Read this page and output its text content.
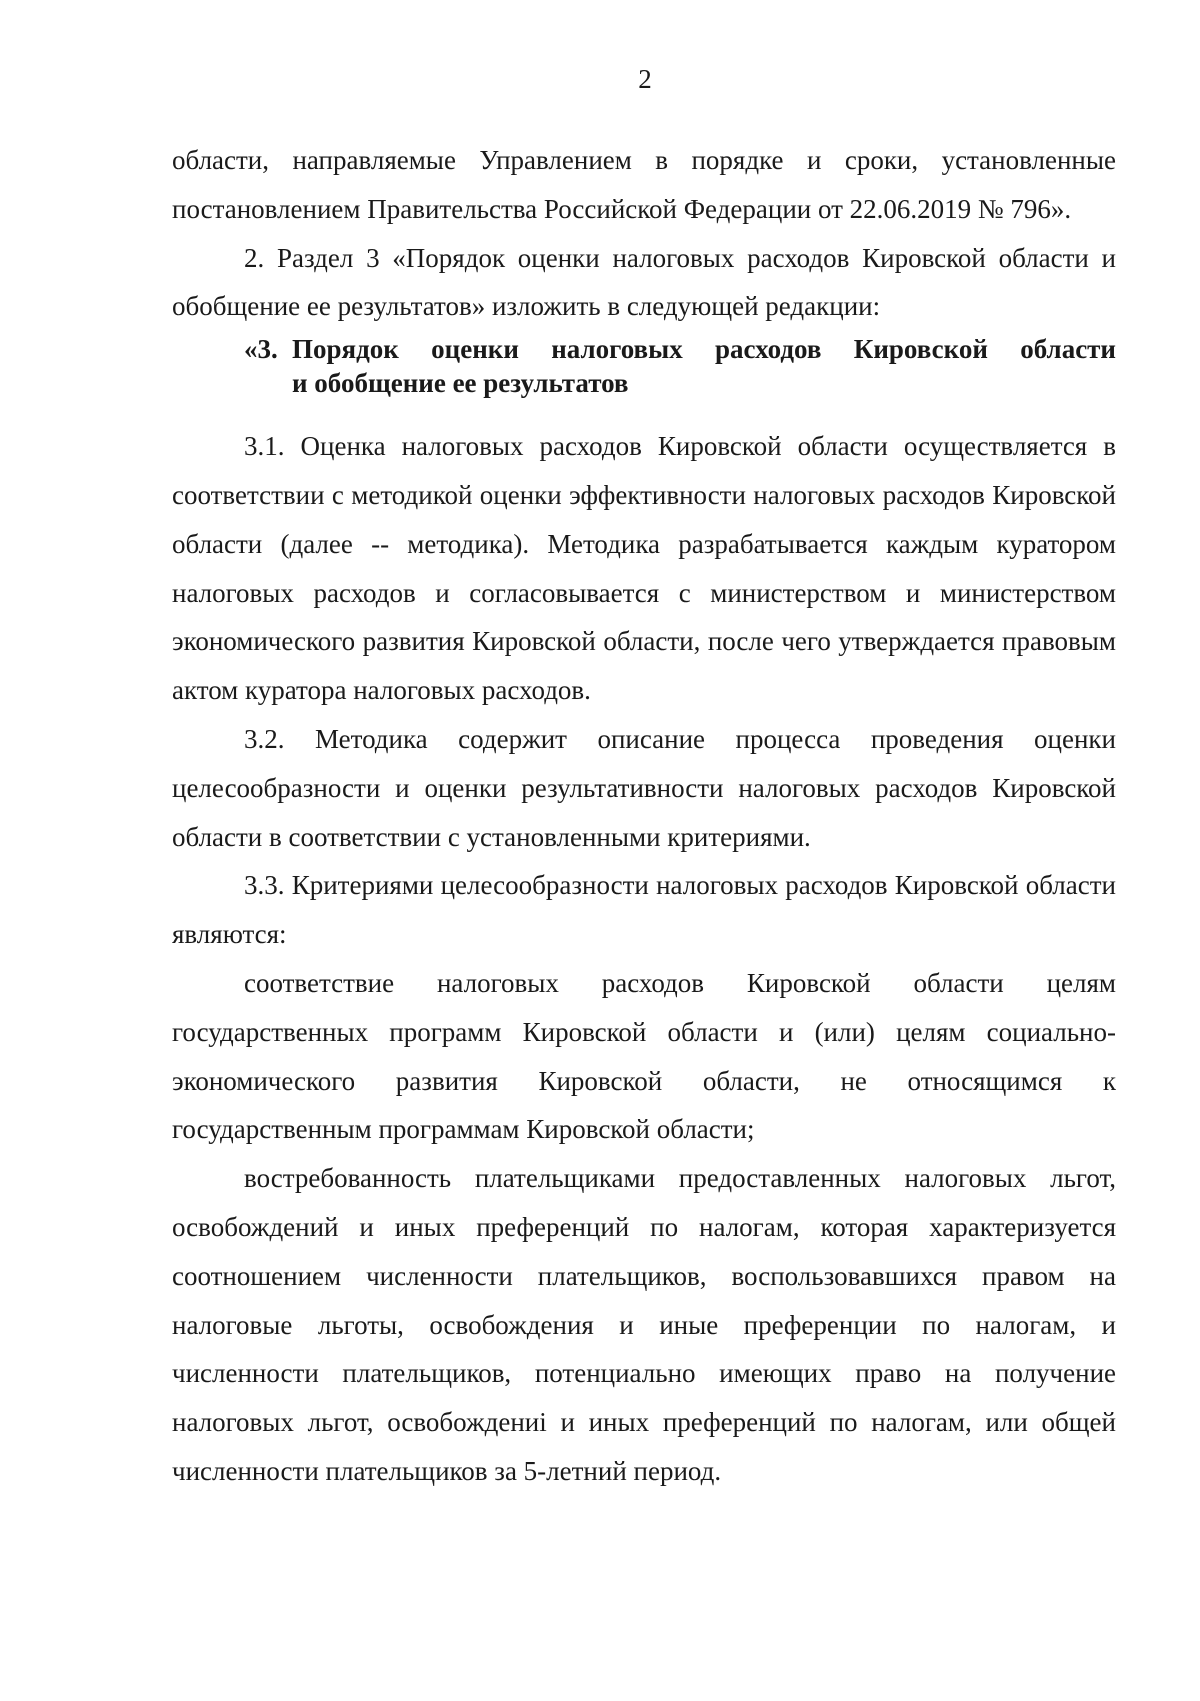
2

области, направляемые Управлением в порядке и сроки, установленные постановлением Правительства Российской Федерации от 22.06.2019 № 796».

2. Раздел 3 «Порядок оценки налоговых расходов Кировской области и обобщение ее результатов» изложить в следующей редакции:

«3. Порядок оценки налоговых расходов Кировской области
и обобщение ее результатов

3.1. Оценка налоговых расходов Кировской области осуществляется в соответствии с методикой оценки эффективности налоговых расходов Кировской области (далее -- методика). Методика разрабатывается каждым куратором налоговых расходов и согласовывается с министерством и министерством экономического развития Кировской области, после чего утверждается правовым актом куратора налоговых расходов.

3.2. Методика содержит описание процесса проведения оценки целесообразности и оценки результативности налоговых расходов Кировской области в соответствии с установленными критериями.

3.3. Критериями целесообразности налоговых расходов Кировской области являются:

соответствие налоговых расходов Кировской области целям государственных программ Кировской области и (или) целям социально-экономического развития Кировской области, не относящимся к государственным программам Кировской области;

востребованность плательщиками предоставленных налоговых льгот, освобождений и иных преференций по налогам, которая характеризуется соотношением численности плательщиков, воспользовавшихся правом на налоговые льготы, освобождения и иные преференции по налогам, и численности плательщиков, потенциально имеющих право на получение налоговых льгот, освобождениi и иных преференций по налогам, или общей численности плательщиков за 5-летний период.
